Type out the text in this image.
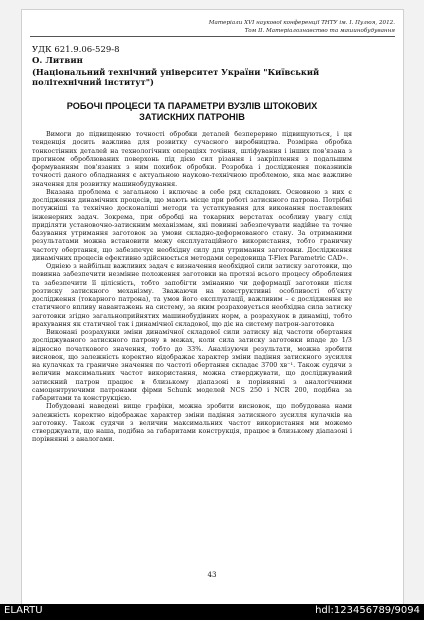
Матеріали XVI наукової конференції ТНТУ ім. І. Пулюя, 2012.
Том ІІ. Матеріалознавство та машинобудування
УДК 621.9.06-529-8
О. Литвин
(Національний технічний університет України "Київський політехнічний інститут")
РОБОЧІ ПРОЦЕСИ ТА ПАРАМЕТРИ ВУЗЛІВ ШТОКОВИХ
ЗАТИСКНИХ ПАТРОНІВ

Вимоги до підвищенню точності обробки деталей безперервно підвищуються, і ця тенденція досить важлива для розвитку сучасного виробництва. Розмірна обробка тонкостінних деталей на технологічних операціях точіння, шліфування і інших пов'язана з прогином оброблюваних поверхонь під дією сил різання і закріплення з подальшим формуванням пов'язаних з ним похибок обробки. Розробка і дослідження показників точності даного обладнання є актуальною науково-технічною проблемою, яка має важливе значення для розвитку машинобудування.

Вказана проблема є загальною і включає в себе ряд складових. Основною з них є дослідження динамічних процесів, що мають місце при роботі затискного патрона. Потрібні потужніші та технічно досконаліші методи та устаткування для виконання поставлених інженерних задач. Зокрема, при обробці на токарних верстатах особливу увагу слід приділяти установочно-затискним механізмам, які повинні забезпечувати надійне та точне базування утримання заготовок за умови складно-деформованого стану. За отриманими результатами можна встановити межу експлуатаційного використання, тобто граничну частоту обертання, що забезпечує необхідну силу для утримання заготовки. Дослідження динамічних процесів ефективно здійснюється методами середовища T-Flex Parametric CAD».

Одніею з найбільш важливих задач є визначення необхідної сили затиску заготовки, що повинна забезпечити незмінне положення заготовки на протязі всього процесу обробления та забезпечити її цілісність, тобто запобігти змінанню чи деформації заготовки після розтиску затискного механізму. Зважаючи на конструктивні особливості об'єкту дослідження (токарного патрона), та умов його експлуатації, важливим – є дослідження не статичного впливу навантажень на систему, за яким розраховується необхідна сила затиску заготовки згідно загальноприйнятих машинобудівних норм, а розрахунок в динаміці, тобто врахування як статичної так і динамічної складової, що діє на систему патрон-заготовка

Виконані розрахунки зміни динамічної складової сили затиску від частоти обертання досліджуваного затискного патрону в межах, коли сила затиску заготовки впаде до 1/3 відносно початкового значення, тобто до 33%. Аналізуючи результати, можна зробити висновок, що залежність коректно відображає характер зміни падіння затискного зусилля на кулачках та граничне значення по частоті обертання складає 3700 хв⁻¹. Також судячи з величин максимальних частот використання, можна стверджувати, що досліджуваний затискний патрон працює в близькому діапазоні в порівнянні з аналогічними самоцентруючими патронами фірми Schunk моделей NCS 250 і NCR 200, подібна за габаритами та конструкцією.

Побудовані наведені вище графіки, можна зробити висновок, що побудована нами залежність коректно відображає характер зміни падіння затискного зусилля кулачків на заготовку. Також судячи з величин максимальних частот використання ми можемо стверджувати, що наша, подібна за габаритами конструкція, працює в близькому діапазоні і порівнянні з аналогами.

43
ELARTU	hdl:123456789/9094
